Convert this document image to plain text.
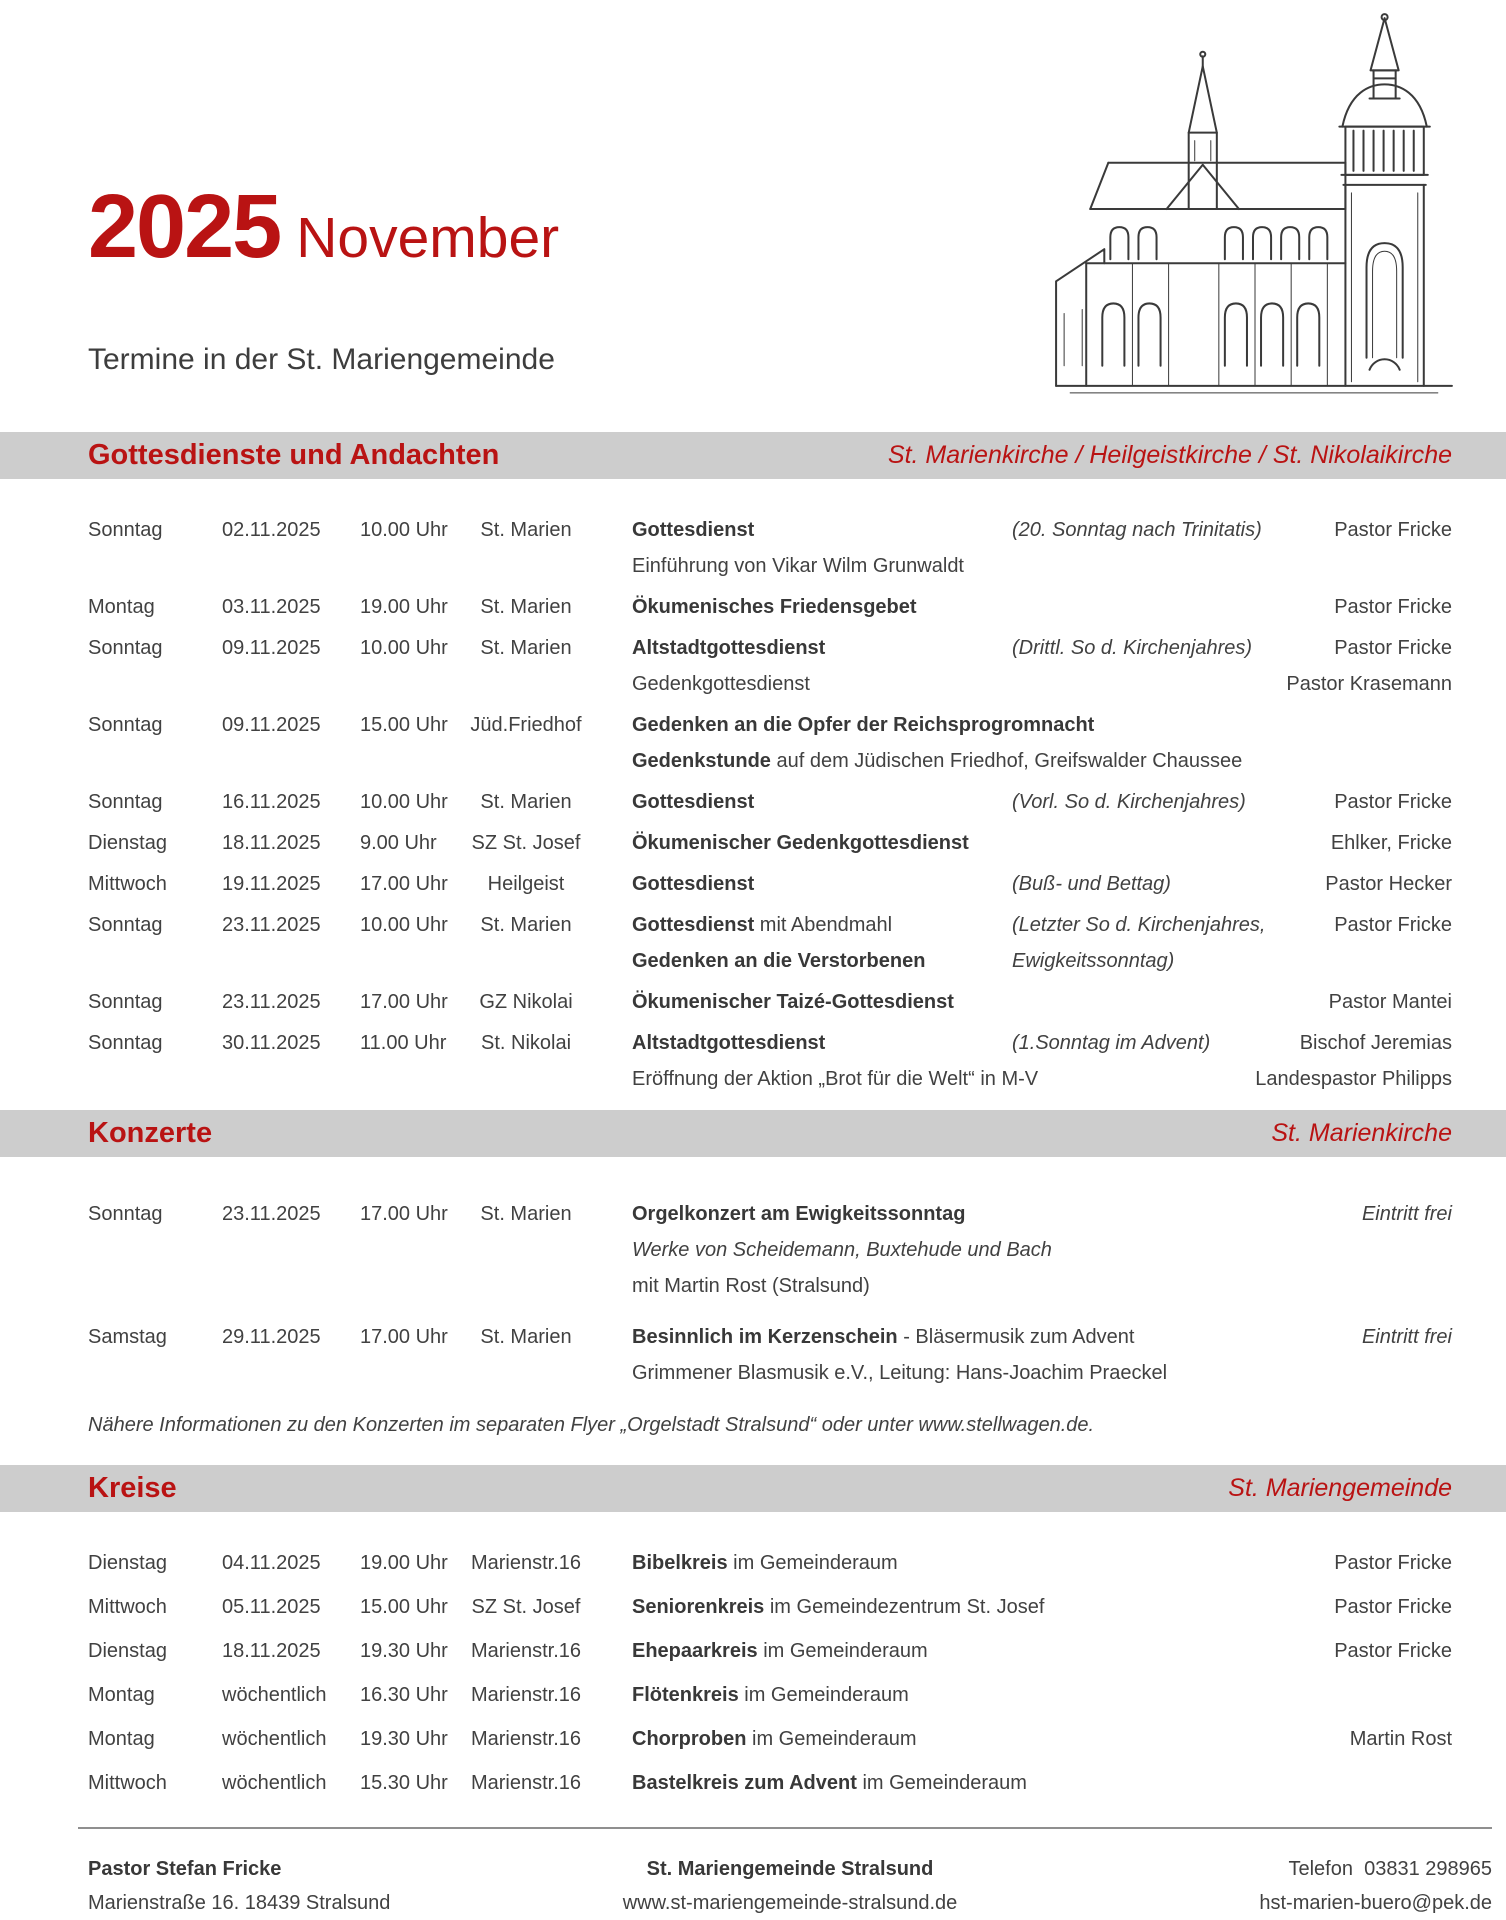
2025 November
Termine in der St. Mariengemeinde
Gottesdienste und Andachten	St. Marienkirche / Heilgeistkirche / St. Nikolaikirche
Sonntag	02.11.2025 10.00 Uhr	St. Marien	Gottesdienst	(20. Sonntag nach Trinitatis)	Pastor Fricke
Einführung von Vikar Wilm Grunwaldt
Montag	03.11.2025 19.00 Uhr	St. Marien	Ökumenisches Friedensgebet	Pastor Fricke
Sonntag	09.11.2025 10.00 Uhr	St. Marien	Altstadtgottesdienst	(Drittl. So d. Kirchenjahres)	Pastor Fricke
Gedenkgottesdienst	Pastor Krasemann
Sonntag	09.11.2025 15.00 Uhr	Jüd.Friedhof	Gedenken an die Opfer der Reichsprogromnacht
Gedenkstunde auf dem Jüdischen Friedhof, Greifswalder Chaussee
Sonntag	16.11.2025 10.00 Uhr	St. Marien	Gottesdienst	(Vorl. So d. Kirchenjahres)	Pastor Fricke
Dienstag	18.11.2025 9.00 Uhr	SZ St. Josef	Ökumenischer Gedenkgottesdienst	Ehlker, Fricke
Mittwoch	19.11.2025 17.00 Uhr	Heilgeist	Gottesdienst	(Buß- und Bettag)	Pastor Hecker
Sonntag	23.11.2025 10.00 Uhr	St. Marien	Gottesdienst mit Abendmahl	(Letzter So d. Kirchenjahres,	Pastor Fricke
Gedenken an die Verstorbenen	Ewigkeitssonntag)
Sonntag	23.11.2025 17.00 Uhr	GZ Nikolai	Ökumenischer Taizé-Gottesdienst	Pastor Mantei
Sonntag	30.11.2025 11.00 Uhr	St. Nikolai	Altstadtgottesdienst	(1.Sonntag im Advent)	Bischof Jeremias
Eröffnung der Aktion „Brot für die Welt“ in M-V	Landespastor Philipps
Konzerte	St. Marienkirche
Sonntag	23.11.2025 17.00 Uhr	St. Marien	Orgelkonzert am Ewigkeitssonntag	Eintritt frei
Werke von Scheidemann, Buxtehude und Bach
mit Martin Rost (Stralsund)
Samstag	29.11.2025 17.00 Uhr	St. Marien	Besinnlich im Kerzenschein - Bläsermusik zum Advent	Eintritt frei
Grimmener Blasmusik e.V., Leitung: Hans-Joachim Praeckel
Nähere Informationen zu den Konzerten im separaten Flyer „Orgelstadt Stralsund“ oder unter www.stellwagen.de.
Kreise	St. Mariengemeinde
Dienstag	04.11.2025 19.00 Uhr	Marienstr.16	Bibelkreis im Gemeinderaum	Pastor Fricke
Mittwoch	05.11.2025 15.00 Uhr	SZ St. Josef	Seniorenkreis im Gemeindezentrum St. Josef	Pastor Fricke
Dienstag	18.11.2025 19.30 Uhr	Marienstr.16	Ehepaarkreis im Gemeinderaum	Pastor Fricke
Montag	wöchentlich 16.30 Uhr	Marienstr.16	Flötenkreis im Gemeinderaum
Montag	wöchentlich 19.30 Uhr	Marienstr.16	Chorproben im Gemeinderaum	Martin Rost
Mittwoch	wöchentlich 15.30 Uhr	Marienstr.16	Bastelkreis zum Advent im Gemeinderaum
Pastor Stefan Fricke
Marienstraße 16. 18439 Stralsund
St. Mariengemeinde Stralsund
www.st-mariengemeinde-stralsund.de
Telefon  03831 298965
hst-marien-buero@pek.de
